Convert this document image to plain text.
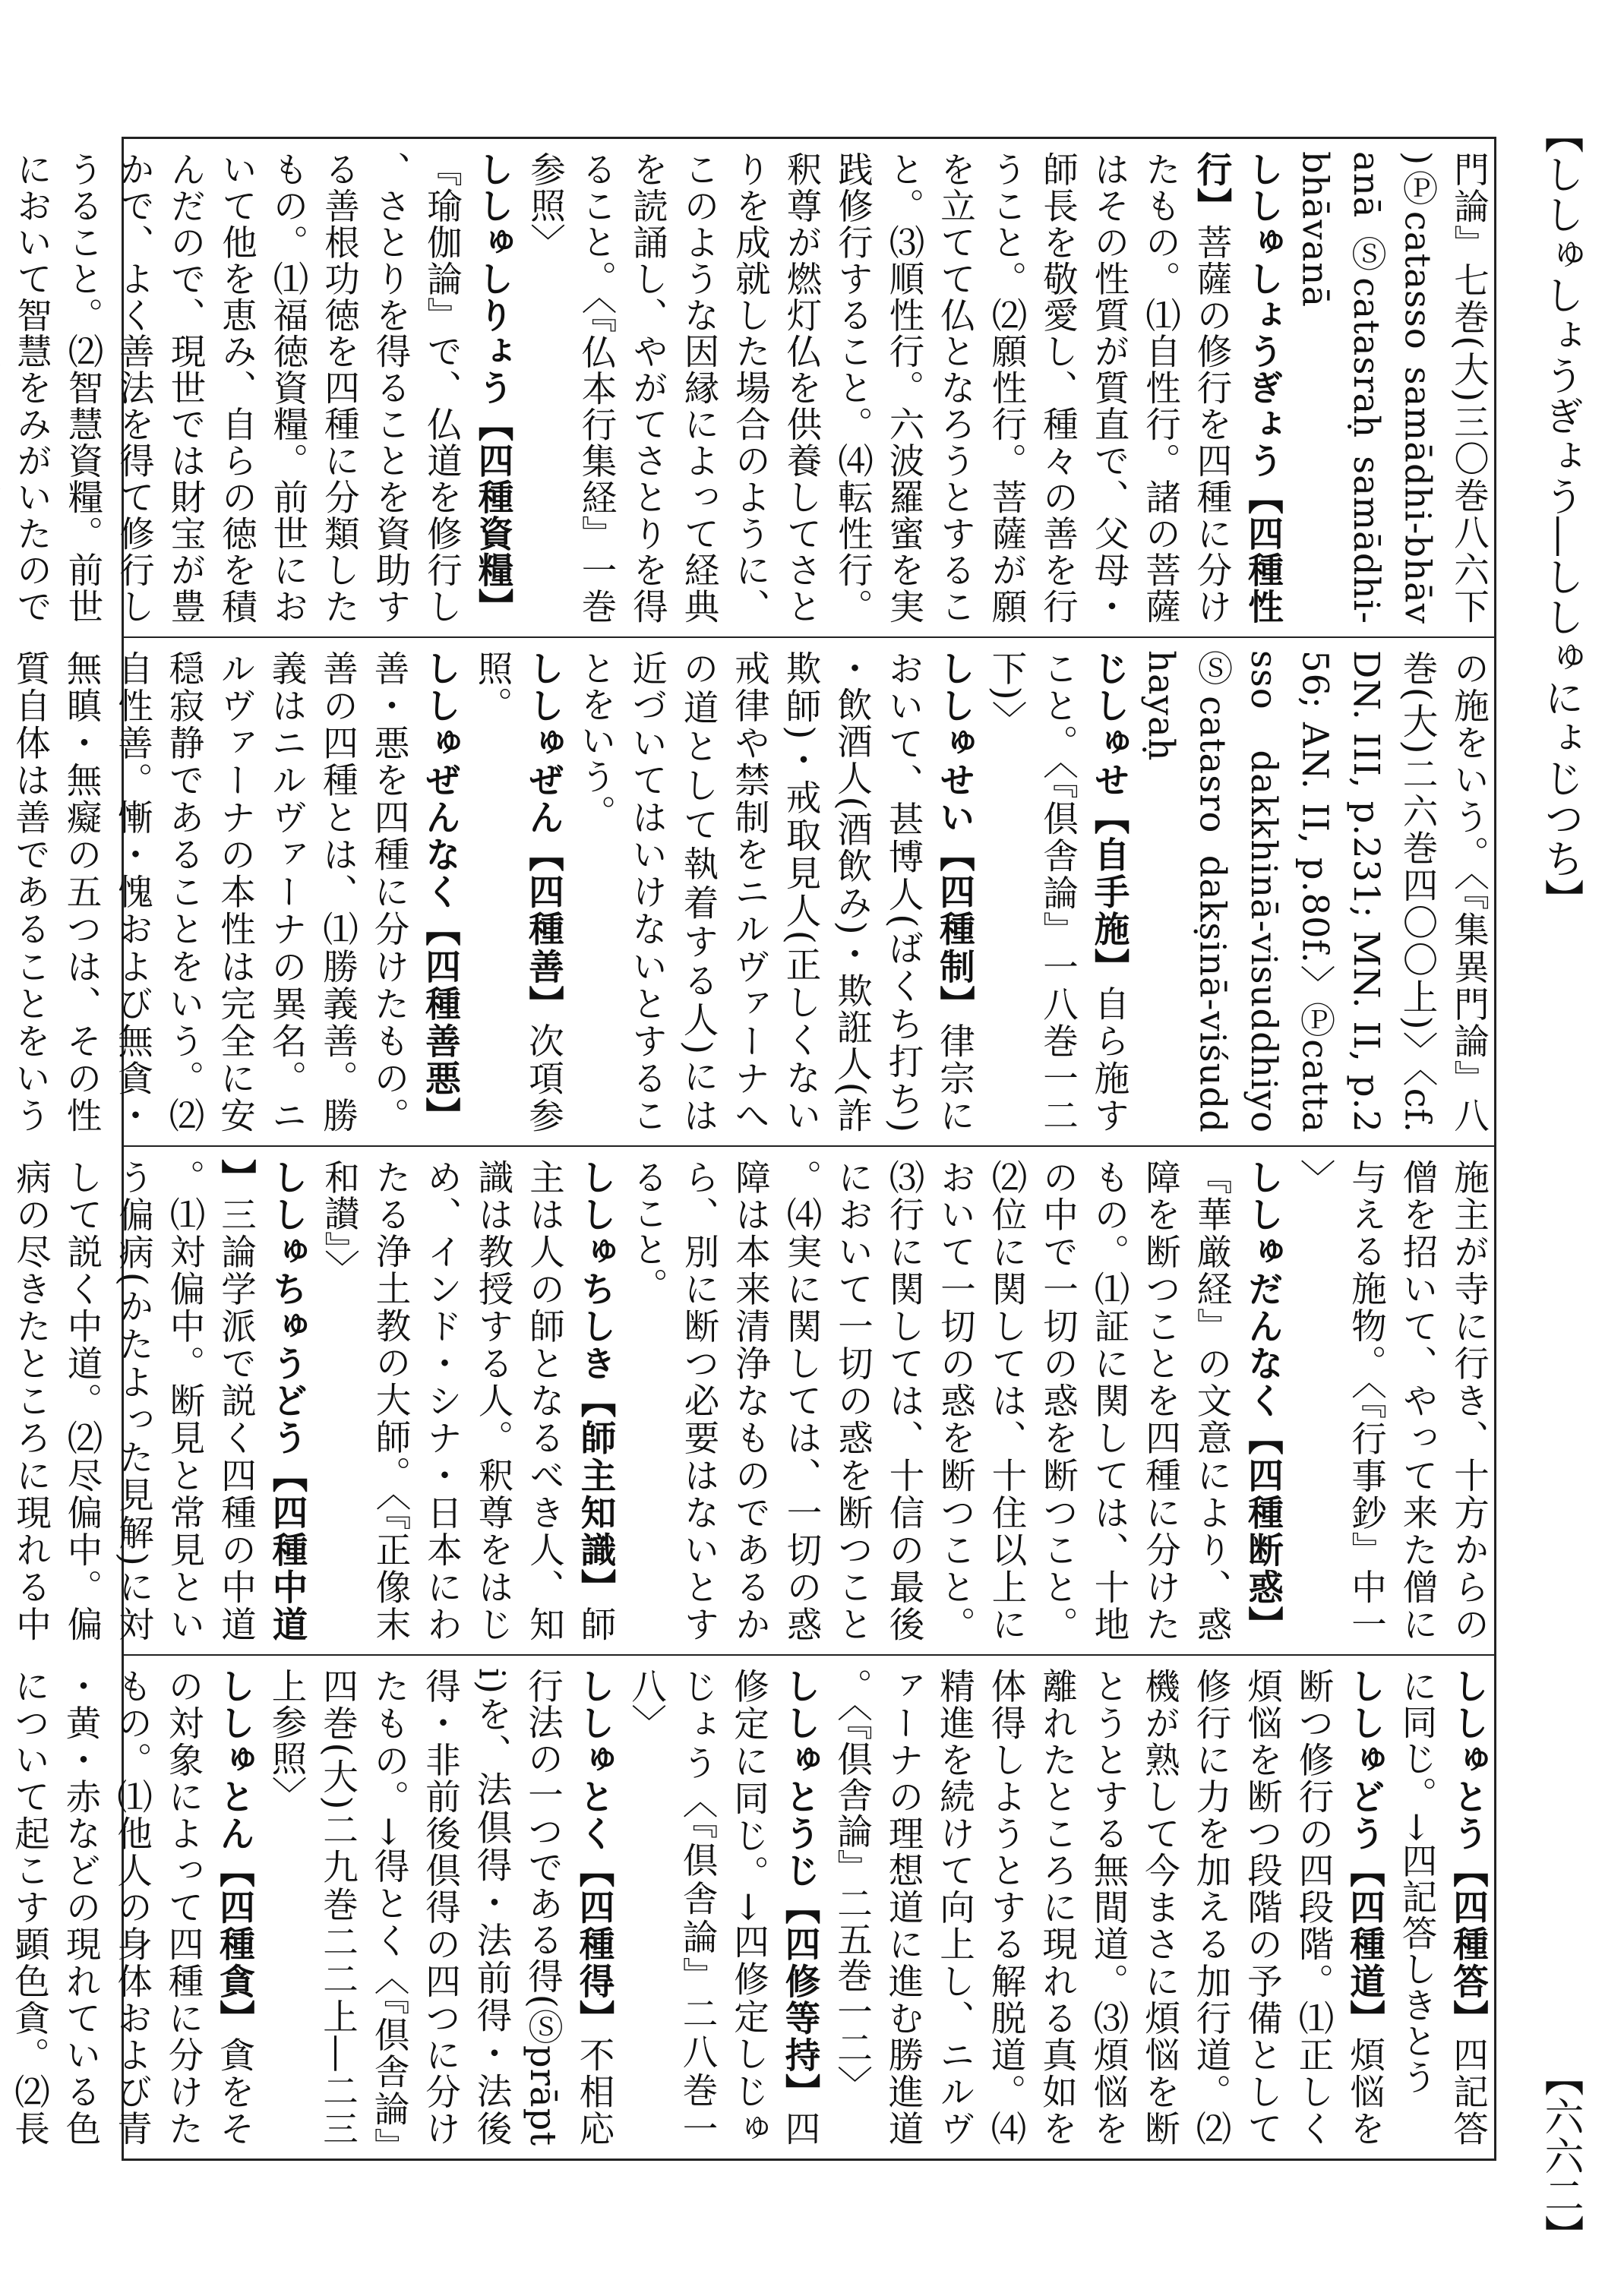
【ししゅしょうぎょう―ししゅにょじつち】
門論』七巻(大)三〇巻八六下)Ⓟcatasso samādhi-bhāvanā Ⓢcatasraḥ samādhi-bhāvanā
ししゅしょうぎょう【四種性行】菩薩の修行を四種に分けたもの。⑴自性行。諸の菩薩はその性質が質直で、父母・師長を敬愛し、種々の善を行うこと。⑵願性行。菩薩が願を立てて仏となろうとすること。⑶順性行。六波羅蜜を実践修行すること。⑷転性行。釈尊が燃灯仏を供養してさとりを成就した場合のように、このような因縁によって経典を読誦し、やがてさとりを得ること。〈『仏本行集経』一巻参照〉
ししゅしりょう【四種資糧】『瑜伽論』で、仏道を修行し、さとりを得ることを資助する善根功徳を四種に分類したもの。⑴福徳資糧。前世において他を恵み、自らの徳を積んだので、現世では財宝が豊かで、よく善法を得て修行しうること。⑵智慧資糧。前世において智慧をみがいたので

の施をいう。〈『集異門論』八巻(大)二六巻四〇〇上)〉〈cf. DN. III, p.231; MN. II, p.256; AN. II, p.80f.〉Ⓟcattasso dakkhinā-visuddhiyo Ⓢcatasro dakṣinā-viśuddhayaḥ
じしゅせ【自手施】自ら施すこと。〈『倶舎論』一八巻一二下)〉
ししゅせい【四種制】律宗において、甚博人(ばくち打ち)・飲酒人(酒飲み)・欺誑人(詐欺師)・戒取見人(正しくない戒律や禁制をニルヴァーナへの道として執着する人)には近づいてはいけないとすることをいう。
ししゅぜん【四種善】次項参照。
ししゅぜんなく【四種善悪】善・悪を四種に分けたもの。善の四種とは、⑴勝義善。勝義はニルヴァーナの異名。ニルヴァーナの本性は完全に安穏寂静であることをいう。⑵自性善。慚・愧および無貪・無瞋・無癡の五つは、その性質自体は善であることをいう

施主が寺に行き、十方からの僧を招いて、やって来た僧に与える施物。〈『行事鈔』中一〉
ししゅだんなく【四種断惑】『華厳経』の文意により、惑障を断つことを四種に分けたもの。⑴証に関しては、十地の中で一切の惑を断つこと。⑵位に関しては、十住以上において一切の惑を断つこと。⑶行に関しては、十信の最後において一切の惑を断つこと。⑷実に関しては、一切の惑障は本来清浄なものであるから、別に断つ必要はないとすること。
ししゅちしき【師主知識】師主は人の師となるべき人、知識は教授する人。釈尊をはじめ、インド・シナ・日本にわたる浄土教の大師。〈『正像末和讃』〉
ししゅちゅうどう【四種中道】三論学派で説く四種の中道。⑴対偏中。断見と常見という偏病(かたよった見解)に対して説く中道。⑵尽偏中。偏病の尽きたところに現れる中

ししゅとう【四種答】四記答に同じ。→四記答しきとう
ししゅどう【四種道】煩悩を断つ修行の四段階。⑴正しく煩悩を断つ段階の予備として修行に力を加える加行道。⑵機が熟して今まさに煩悩を断とうとする無間道。⑶煩悩を離れたところに現れる真如を体得しようとする解脱道。⑷精進を続けて向上し、ニルヴァーナの理想道に進む勝進道。〈『倶舎論』二五巻一二〉
ししゅとうじ【四修等持】四修定に同じ。→四修定しじゅじょう〈『倶舎論』二八巻一八〉
ししゅとく【四種得】不相応行法の一つである得(Ⓢprāpti)を、法倶得・法前得・法後得・非前後倶得の四つに分けたもの。→得とく〈『倶舎論』四巻(大)二九巻二二上―二三上参照〉
ししゅとん【四種貪】貪をその対象によって四種に分けたもの。⑴他人の身体および青・黄・赤などの現れている色について起こす顕色貪。⑵長	【六六二】
